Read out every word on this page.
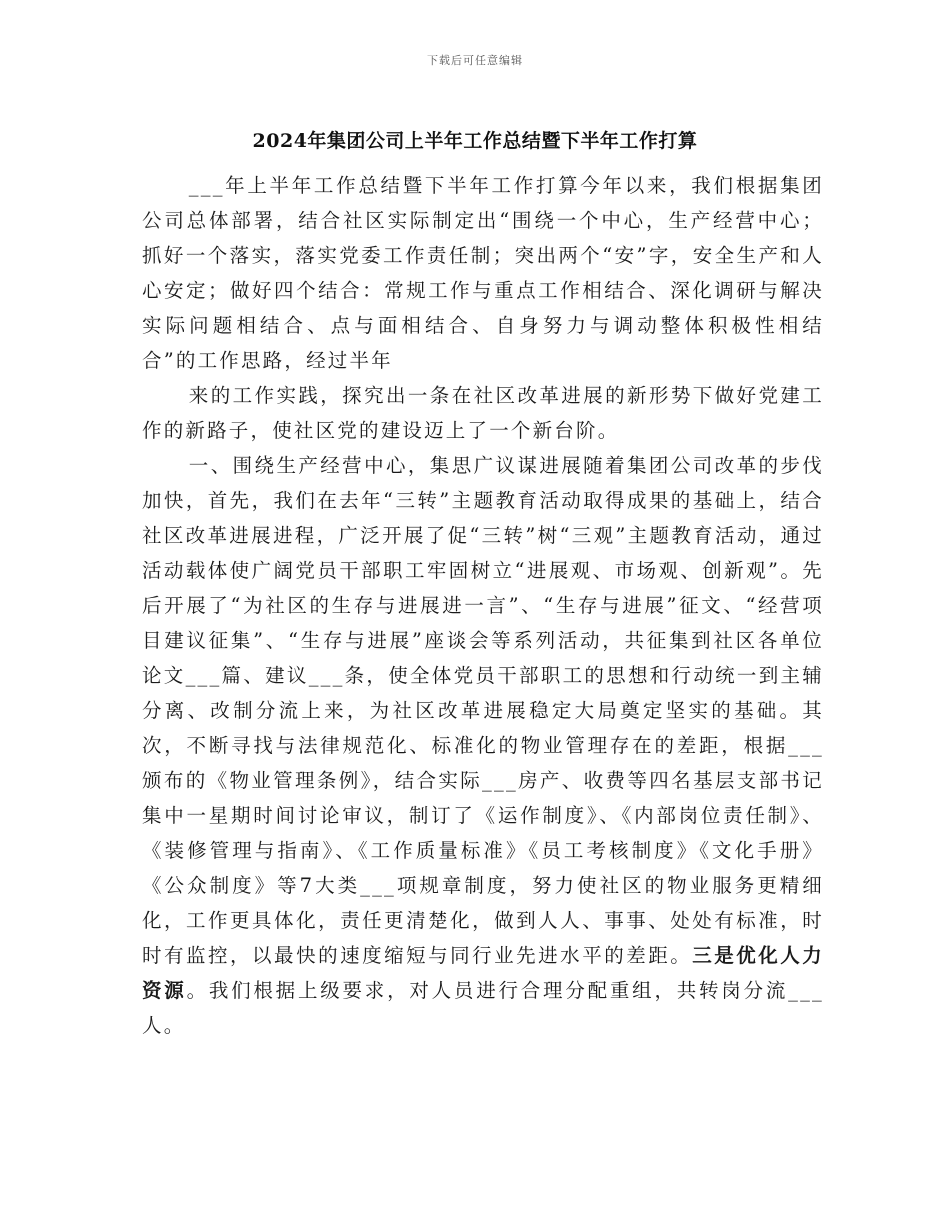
下载后可任意编辑
2024年集团公司上半年工作总结暨下半年工作打算

___年上半年工作总结暨下半年工作打算今年以来，我们根据集团公司总体部署，结合社区实际制定出“围绕一个中心，生产经营中心；抓好一个落实，落实党委工作责任制；突出两个“安”字，安全生产和人心安定；做好四个结合：常规工作与重点工作相结合、深化调研与解决实际问题相结合、点与面相结合、自身努力与调动整体积极性相结合”的工作思路，经过半年

来的工作实践，探究出一条在社区改革进展的新形势下做好党建工作的新路子，使社区党的建设迈上了一个新台阶。

一、围绕生产经营中心，集思广议谋进展随着集团公司改革的步伐加快，首先，我们在去年“三转”主题教育活动取得成果的基础上，结合社区改革进展进程，广泛开展了促“三转”树“三观”主题教育活动，通过活动载体使广阔党员干部职工牢固树立“进展观、市场观、创新观”。先后开展了“为社区的生存与进展进一言”、“生存与进展”征文、“经营项目建议征集”、“生存与进展”座谈会等系列活动，共征集到社区各单位论文___篇、建议___条，使全体党员干部职工的思想和行动统一到主辅分离、改制分流上来，为社区改革进展稳定大局奠定坚实的基础。其次，不断寻找与法律规范化、标准化的物业管理存在的差距，根据___颁布的《物业管理条例》，结合实际___房产、收费等四名基层支部书记集中一星期时间讨论审议，制订了《运作制度》、《内部岗位责任制》、《装修管理与指南》、《工作质量标准》《员工考核制度》《文化手册》《公众制度》等7大类___项规章制度，努力使社区的物业服务更精细化，工作更具体化，责任更清楚化，做到人人、事事、处处有标准，时时有监控，以最快的速度缩短与同行业先进水平的差距。三是优化人力资源。我们根据上级要求，对人员进行合理分配重组，共转岗分流___人。
